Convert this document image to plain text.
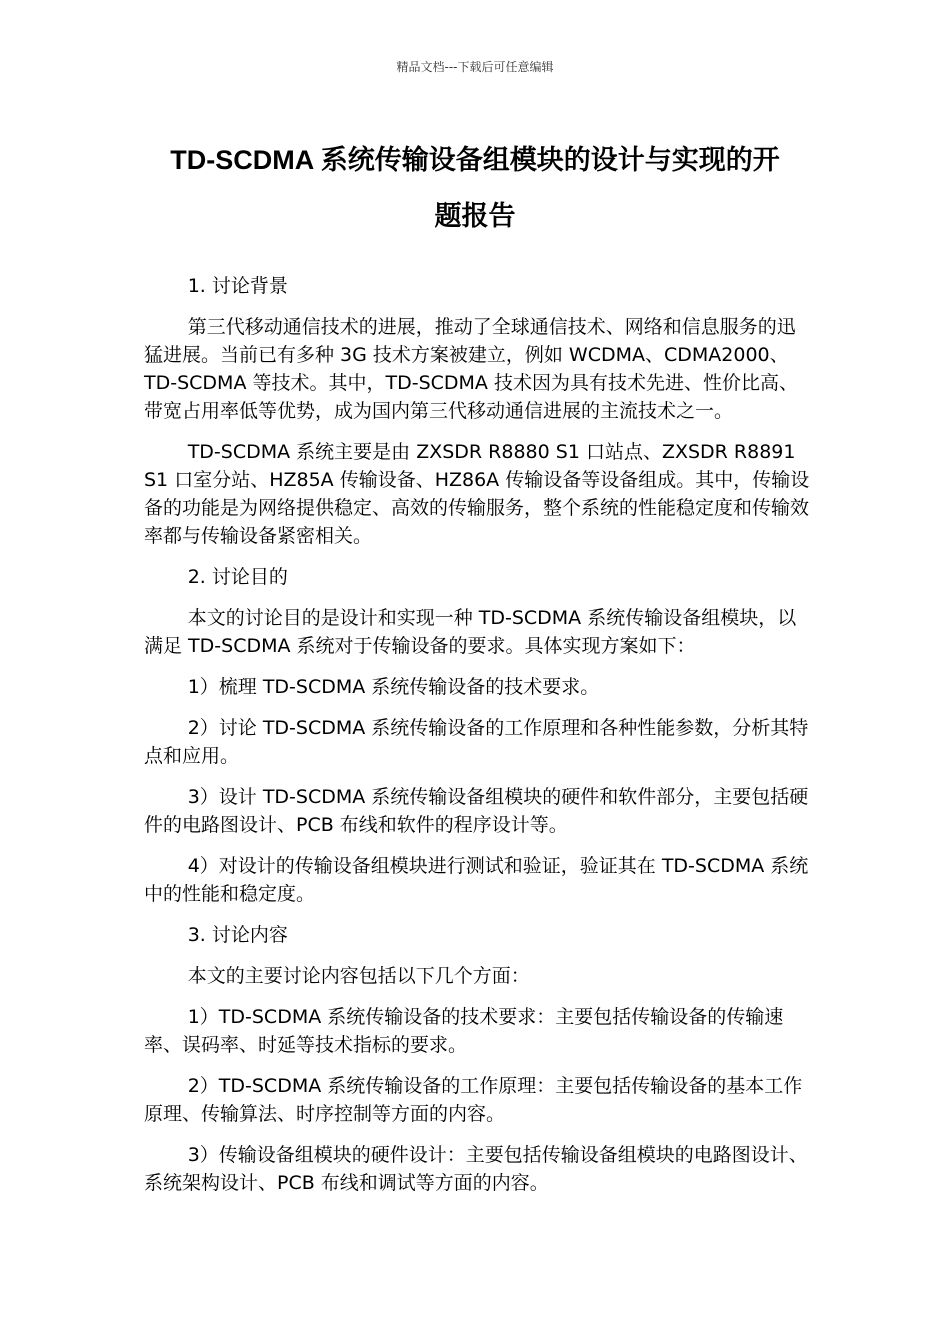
精品文档---下载后可任意编辑
TD-SCDMA 系统传输设备组模块的设计与实现的开
题报告

1. 讨论背景

第三代移动通信技术的进展，推动了全球通信技术、网络和信息服务的迅猛进展。当前已有多种 3G 技术方案被建立，例如 WCDMA、CDMA2000、TD-SCDMA 等技术。其中，TD-SCDMA 技术因为具有技术先进、性价比高、带宽占用率低等优势，成为国内第三代移动通信进展的主流技术之一。

TD-SCDMA 系统主要是由 ZXSDR R8880 S1 口站点、ZXSDR R8891 S1 口室分站、HZ85A 传输设备、HZ86A 传输设备等设备组成。其中，传输设备的功能是为网络提供稳定、高效的传输服务，整个系统的性能稳定度和传输效率都与传输设备紧密相关。

2. 讨论目的

本文的讨论目的是设计和实现一种 TD-SCDMA 系统传输设备组模块，以满足 TD-SCDMA 系统对于传输设备的要求。具体实现方案如下：

1）梳理 TD-SCDMA 系统传输设备的技术要求。

2）讨论 TD-SCDMA 系统传输设备的工作原理和各种性能参数，分析其特点和应用。

3）设计 TD-SCDMA 系统传输设备组模块的硬件和软件部分，主要包括硬件的电路图设计、PCB 布线和软件的程序设计等。

4）对设计的传输设备组模块进行测试和验证，验证其在 TD-SCDMA 系统中的性能和稳定度。

3. 讨论内容

本文的主要讨论内容包括以下几个方面：

1）TD-SCDMA 系统传输设备的技术要求：主要包括传输设备的传输速率、误码率、时延等技术指标的要求。

2）TD-SCDMA 系统传输设备的工作原理：主要包括传输设备的基本工作原理、传输算法、时序控制等方面的内容。

3）传输设备组模块的硬件设计：主要包括传输设备组模块的电路图设计、系统架构设计、PCB 布线和调试等方面的内容。
